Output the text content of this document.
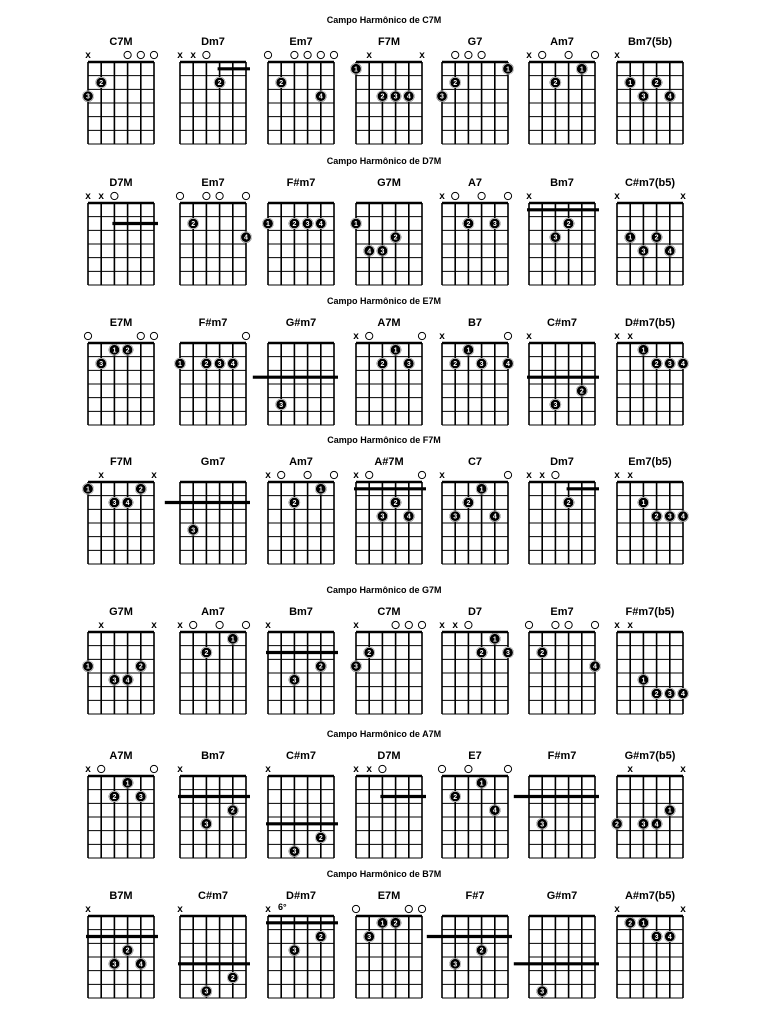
Campo Harmônico de C7M
C7M
x
2
3
Dm7
x x
2
Em7
2
4
F7M
x	x
1
2 3 4
G7
1
2
3
Am7
x
1
2
Bm7(5b)
x
1	2
3	4
Campo Harmônico de D7M
D7M
x x
Em7
2
4
F#m7
1	2 3 4
G7M
1
2
3
4
A7
x
2	3
Bm7
x
2
3
C#m7(b5)
x	x
1	2
3	4
Campo Harmônico de E7M
E7M
1 2
3
F#m7
1	2 3 4
G#m7
3
A7M
x
1
2	3
B7
x
1
2	3	4
C#m7
x
2
3
D#m7(b5)
x x
1
2 3 4
Campo Harmônico de F7M
F7M
x	x
1	2
3 4
Gm7
3
Am7
x
1
2
A#7M
x
2
3	4
C7
x
1
2
3	4
Dm7
x x
2
Em7(b5)
x x
1
2 3 4
Campo Harmônico de G7M
G7M
x	x
1	2
3 4
Am7
x
1
2
Bm7
x
2
3
C7M
x
2
3
D7
x x
1
2	3
Em7
2
4
F#m7(b5)
x x
1
2 3 4
Campo Harmônico de A7M
A7M
x
1
2	3
Bm7
x
2
3
C#m7
x
2
3
D7M
x x
E7
1
2
4
F#m7
3
G#m7(b5)
x	x
1
2	3 4
Campo Harmônico de B7M
B7M
x
2
3	4
C#m7
x
2
3
D#m7
6°
x
2
3
E7M
1 2
3
F#7
2
3
G#m7
3
A#m7(b5)
x	x
1
3 4
2
